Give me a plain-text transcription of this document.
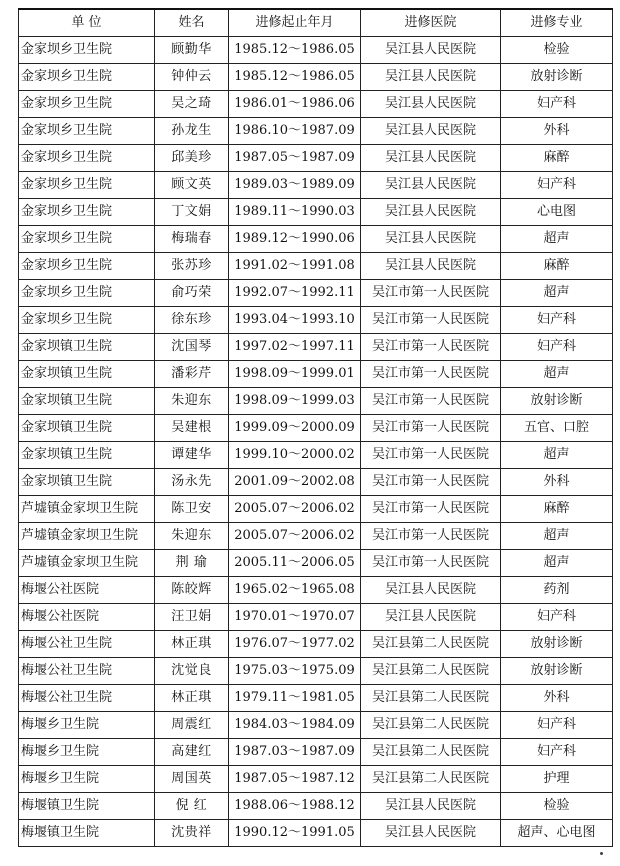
单 位	姓名	进修起止年月	进修医院	进修专业
金家坝乡卫生院	顾勤华	1985.12～1986.05	吴江县人民医院	检验
金家坝乡卫生院	钟仲云	1985.12～1986.05	吴江县人民医院	放射诊断
金家坝乡卫生院	吴之琦	1986.01～1986.06	吴江县人民医院	妇产科
金家坝乡卫生院	孙龙生	1986.10～1987.09	吴江县人民医院	外科
金家坝乡卫生院	邱美珍	1987.05～1987.09	吴江县人民医院	麻醉
金家坝乡卫生院	顾文英	1989.03～1989.09	吴江县人民医院	妇产科
金家坝乡卫生院	丁文娟	1989.11～1990.03	吴江县人民医院	心电图
金家坝乡卫生院	梅瑞春	1989.12～1990.06	吴江县人民医院	超声
金家坝乡卫生院	张苏珍	1991.02～1991.08	吴江县人民医院	麻醉
金家坝乡卫生院	俞巧荣	1992.07～1992.11	吴江市第一人民医院	超声
金家坝乡卫生院	徐东珍	1993.04～1993.10	吴江市第一人民医院	妇产科
金家坝镇卫生院	沈国琴	1997.02～1997.11	吴江市第一人民医院	妇产科
金家坝镇卫生院	潘彩芹	1998.09～1999.01	吴江市第一人民医院	超声
金家坝镇卫生院	朱迎东	1998.09～1999.03	吴江市第一人民医院	放射诊断
金家坝镇卫生院	吴建根	1999.09～2000.09	吴江市第一人民医院	五官、口腔
金家坝镇卫生院	谭建华	1999.10～2000.02	吴江市第一人民医院	超声
金家坝镇卫生院	汤永先	2001.09～2002.08	吴江市第一人民医院	外科
芦墟镇金家坝卫生院	陈卫安	2005.07～2006.02	吴江市第一人民医院	麻醉
芦墟镇金家坝卫生院	朱迎东	2005.07～2006.02	吴江市第一人民医院	超声
芦墟镇金家坝卫生院	荆 瑜	2005.11～2006.05	吴江市第一人民医院	超声
梅堰公社医院	陈皎辉	1965.02～1965.08	吴江县人民医院	药剂
梅堰公社医院	汪卫娟	1970.01～1970.07	吴江县人民医院	妇产科
梅堰公社卫生院	林正琪	1976.07～1977.02	吴江县第二人民医院	放射诊断
梅堰公社卫生院	沈觉良	1975.03～1975.09	吴江县第二人民医院	放射诊断
梅堰公社卫生院	林正琪	1979.11～1981.05	吴江县第二人民医院	外科
梅堰乡卫生院	周震红	1984.03～1984.09	吴江县第二人民医院	妇产科
梅堰乡卫生院	高建红	1987.03～1987.09	吴江县第二人民医院	妇产科
梅堰乡卫生院	周国英	1987.05～1987.12	吴江县第二人民医院	护理
梅堰镇卫生院	倪 红	1988.06～1988.12	吴江县人民医院	检验
梅堰镇卫生院	沈贵祥	1990.12～1991.05	吴江县人民医院	超声、心电图
